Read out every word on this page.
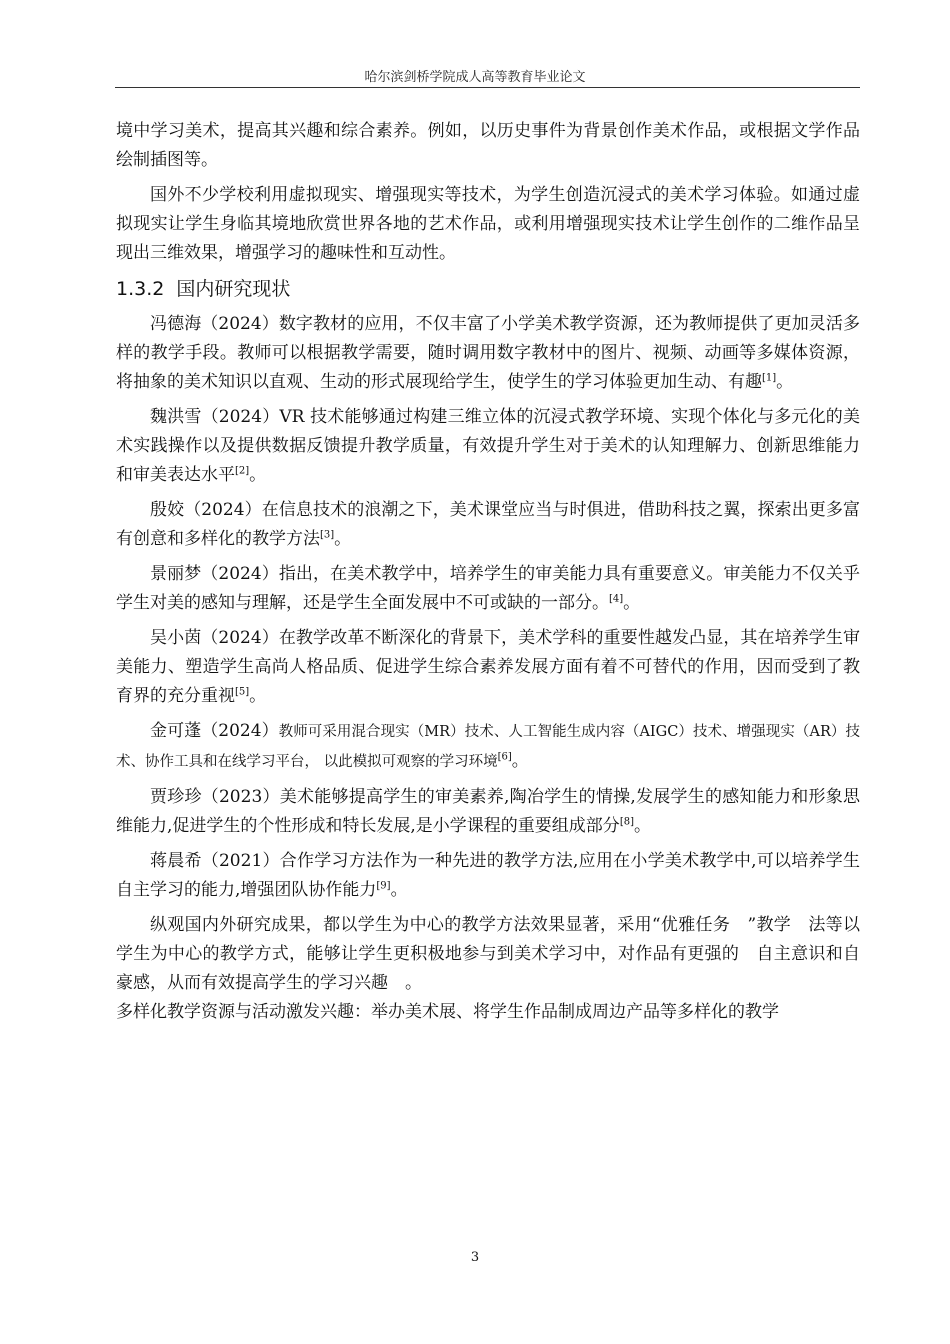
哈尔滨剑桥学院成人高等教育毕业论文

境中学习美术，提高其兴趣和综合素养。例如，以历史事件为背景创作美术作品，或根据文学作品绘制插图等。

国外不少学校利用虚拟现实、增强现实等技术，为学生创造沉浸式的美术学习体验。如通过虚拟现实让学生身临其境地欣赏世界各地的艺术作品，或利用增强现实技术让学生创作的二维作品呈现出三维效果，增强学习的趣味性和互动性。

1.3.2 国内研究现状

冯德海（2024）数字教材的应用，不仅丰富了小学美术教学资源，还为教师提供了更加灵活多样的教学手段。教师可以根据教学需要，随时调用数字教材中的图片、视频、动画等多媒体资源，将抽象的美术知识以直观、生动的形式展现给学生，使学生的学习体验更加生动、有趣[1]。

魏洪雪（2024）VR 技术能够通过构建三维立体的沉浸式教学环境、实现个体化与多元化的美术实践操作以及提供数据反馈提升教学质量，有效提升学生对于美术的认知理解力、创新思维能力和审美表达水平[2]。

殷姣（2024）在信息技术的浪潮之下，美术课堂应当与时俱进，借助科技之翼，探索出更多富有创意和多样化的教学方法[3]。

景丽梦（2024）指出，在美术教学中，培养学生的审美能力具有重要意义。审美能力不仅关乎学生对美的感知与理解，还是学生全面发展中不可或缺的一部分。[4]。

吴小茵（2024）在教学改革不断深化的背景下，美术学科的重要性越发凸显，其在培养学生审美能力、塑造学生高尚人格品质、促进学生综合素养发展方面有着不可替代的作用，因而受到了教育界的充分重视[5]。

金可蓬（2024）教师可采用混合现实（MR）技术、人工智能生成内容（AIGC）技术、增强现实（AR）技术、协作工具和在线学习平台， 以此模拟可观察的学习环境[6]。

贾珍珍（2023）美术能够提高学生的审美素养,陶冶学生的情操,发展学生的感知能力和形象思维能力,促进学生的个性形成和特长发展,是小学课程的重要组成部分[8]。

蒋晨希（2021）合作学习方法作为一种先进的教学方法,应用在小学美术教学中,可以培养学生自主学习的能力,增强团队协作能力[9]。

纵观国内外研究成果，都以学生为中心的教学方法效果显著，采用“优雅任务　”教学　法等以学生为中心的教学方式，能够让学生更积极地参与到美术学习中，对作品有更强的　自主意识和自豪感，从而有效提高学生的学习兴趣　。

多样化教学资源与活动激发兴趣：举办美术展、将学生作品制成周边产品等多样化的教学

3
